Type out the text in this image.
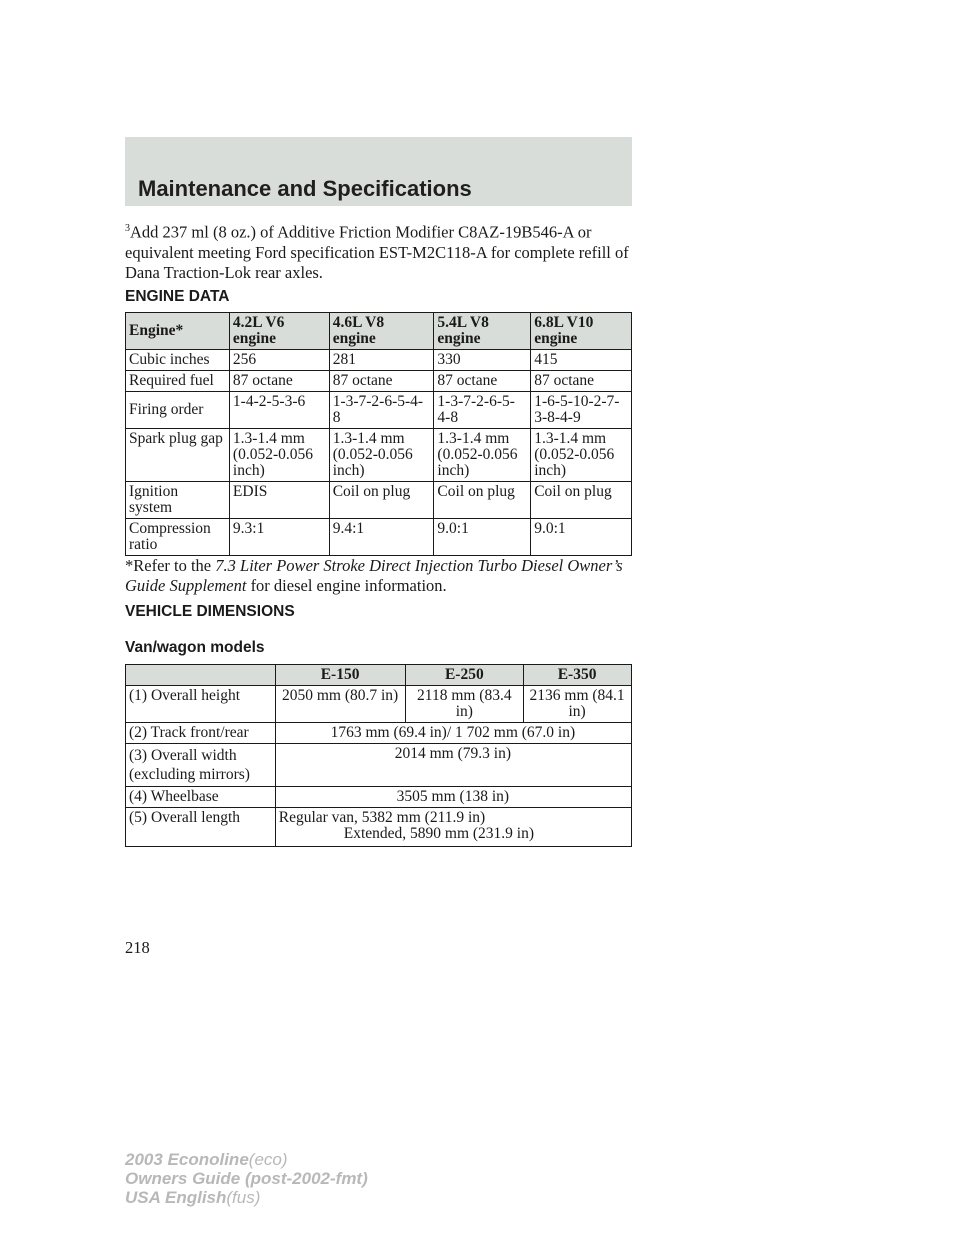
Maintenance and Specifications
$^3$Add 237 ml (8 oz.) of Additive Friction Modifier C8AZ-19B546-A or equivalent meeting Ford specification EST-M2C118-A for complete refill of Dana Traction-Lok rear axles.
ENGINE DATA
Engine*	4.2L V6 engine	4.6L V8 engine	5.4L V8 engine	6.8L V10 engine
Cubic inches	256	281	330	415
Required fuel	87 octane	87 octane	87 octane	87 octane
Firing order	1-4-2-5-3-6	1-3-7-2-6-5-4-8	1-3-7-2-6-5-4-8	1-6-5-10-2-7-3-8-4-9
Spark plug gap	1.3-1.4 mm (0.052-0.056 inch)	1.3-1.4 mm (0.052-0.056 inch)	1.3-1.4 mm (0.052-0.056 inch)	1.3-1.4 mm (0.052-0.056 inch)
Ignition system	EDIS	Coil on plug	Coil on plug	Coil on plug
Compression ratio	9.3:1	9.4:1	9.0:1	9.0:1
*Refer to the 7.3 Liter Power Stroke Direct Injection Turbo Diesel Owner’s Guide Supplement for diesel engine information.
VEHICLE DIMENSIONS
Van/wagon models
	E-150	E-250	E-350
(1) Overall height	2050 mm (80.7 in)	2118 mm (83.4 in)	2136 mm (84.1 in)
(2) Track front/rear	1763 mm (69.4 in)/ 1 702 mm (67.0 in)		
(3) Overall width (excluding mirrors)	2014 mm (79.3 in)		
(4) Wheelbase	3505 mm (138 in)		
(5) Overall length	Regular van, 5382 mm (211.9 in)
Extended, 5890 mm (231.9 in)		
218
2003 Econoline(eco)
Owners Guide (post-2002-fmt)
USA English(fus)
